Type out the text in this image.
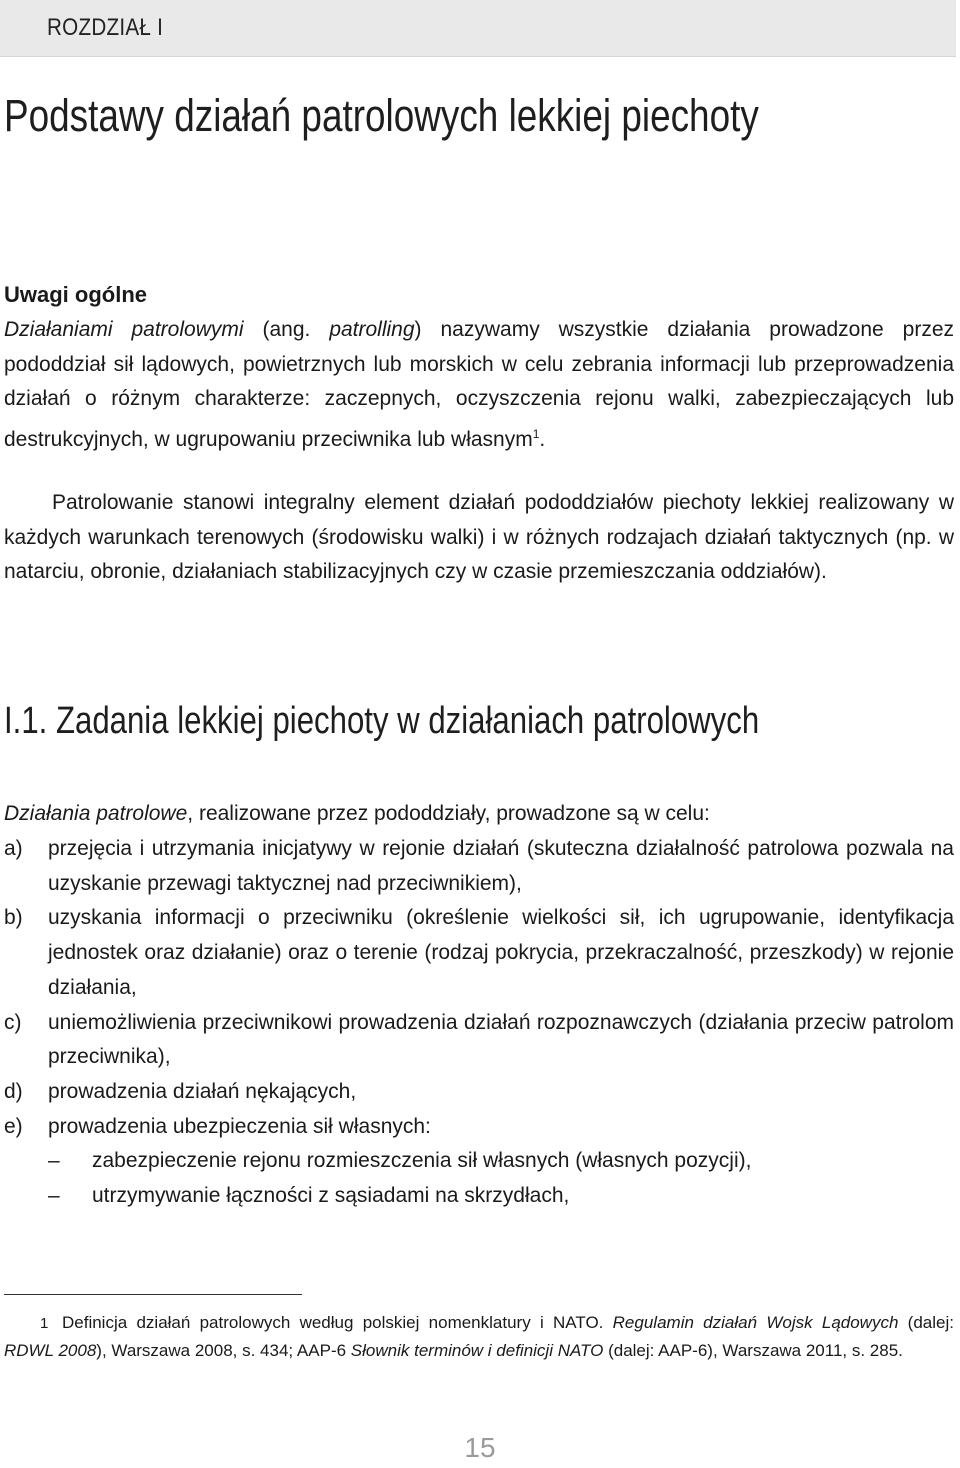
ROZDZIAŁ I
Podstawy działań patrolowych lekkiej piechoty
Uwagi ogólne

Działaniami patrolowymi (ang. patrolling) nazywamy wszystkie działania prowadzone przez pododdział sił lądowych, powietrznych lub morskich w celu zebrania informacji lub przeprowadzenia działań o różnym charakterze: zaczepnych, oczyszczenia rejonu walki, zabezpieczających lub destrukcyjnych, w ugrupowaniu przeciwnika lub własnym$^1$.

Patrolowanie stanowi integralny element działań pododdziałów piechoty lekkiej realizowany w każdych warunkach terenowych (środowisku walki) i w różnych rodzajach działań taktycznych (np. w natarciu, obronie, działaniach stabilizacyjnych czy w czasie przemieszczania oddziałów).

I.1. Zadania lekkiej piechoty w działaniach patrolowych

Działania patrolowe, realizowane przez pododdziały, prowadzone są w celu:

a) przejęcia i utrzymania inicjatywy w rejonie działań (skuteczna działalność patrolowa pozwala na uzyskanie przewagi taktycznej nad przeciwnikiem),
b) uzyskania informacji o przeciwniku (określenie wielkości sił, ich ugrupowanie, identyfikacja jednostek oraz działanie) oraz o terenie (rodzaj pokrycia, przekraczalność, przeszkody) w rejonie działania,
c) uniemożliwienia przeciwnikowi prowadzenia działań rozpoznawczych (działania przeciw patrolom przeciwnika),
d) prowadzenia działań nękających,
e) prowadzenia ubezpieczenia sił własnych:
– zabezpieczenie rejonu rozmieszczenia sił własnych (własnych pozycji),
– utrzymywanie łączności z sąsiadami na skrzydłach,

1 Definicja działań patrolowych według polskiej nomenklatury i NATO. Regulamin działań Wojsk Lądowych (dalej: RDWL 2008), Warszawa 2008, s. 434; AAP-6 Słownik terminów i definicji NATO (dalej: AAP-6), Warszawa 2011, s. 285.

15
